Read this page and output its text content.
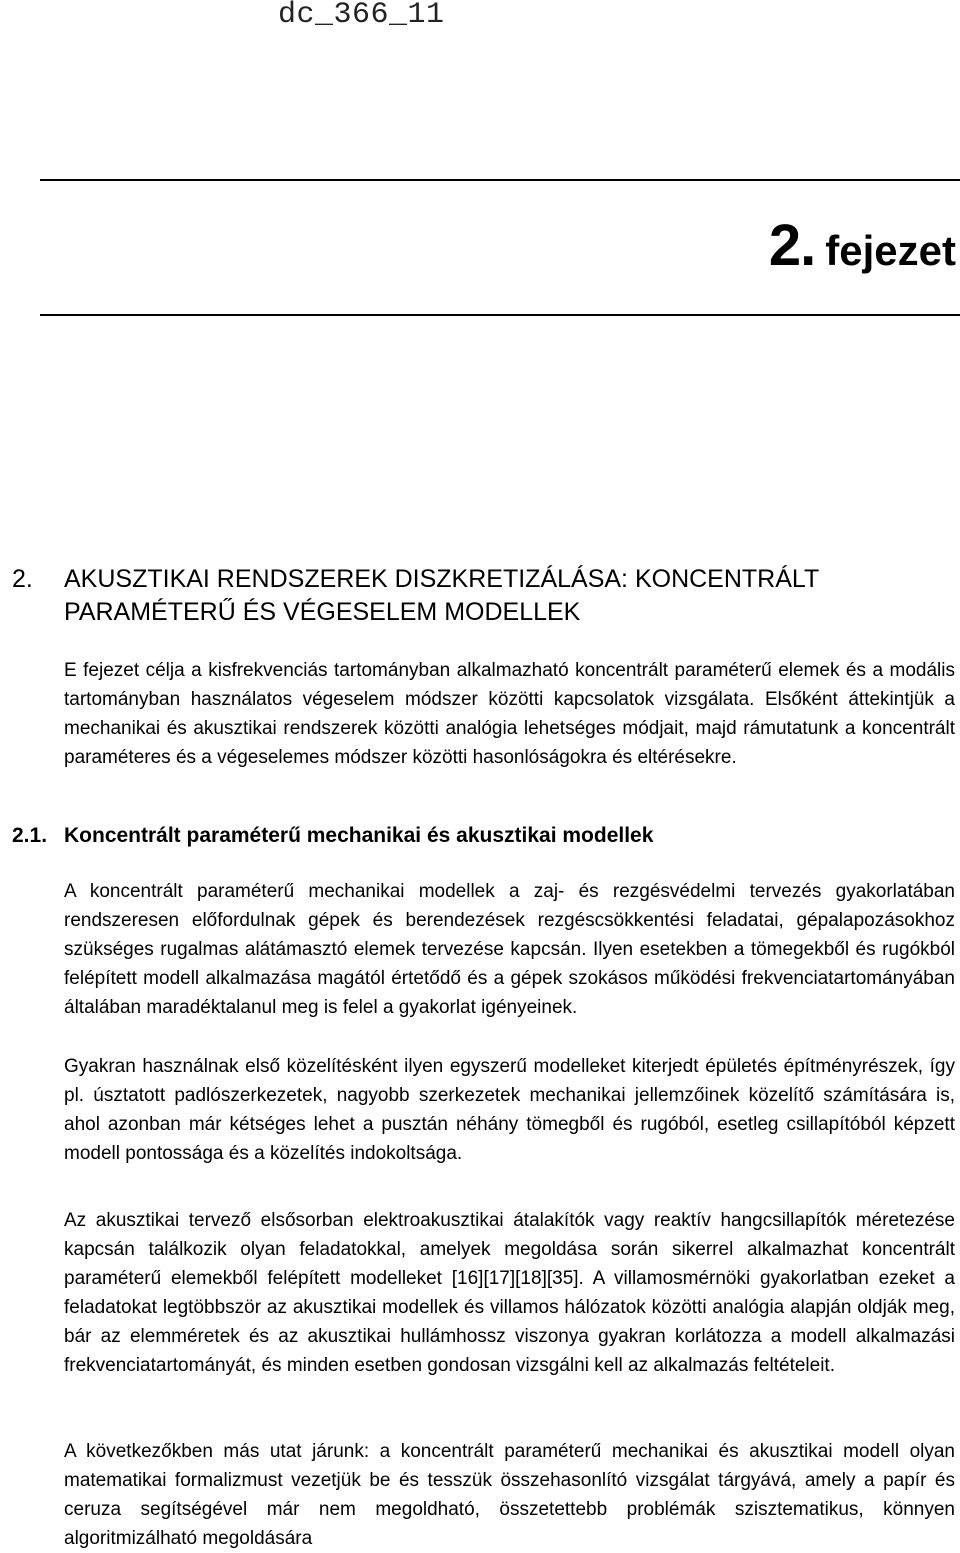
dc_366_11
2. fejezet
2. AKUSZTIKAI RENDSZEREK DISZKRETIZÁLÁSA: KONCENTRÁLT PARAMÉTERŰ ÉS VÉGESELEM MODELLEK

E fejezet célja a kisfrekvenciás tartományban alkalmazható koncentrált paraméterű elemek és a modális tartományban használatos végeselem módszer közötti kapcsolatok vizsgálata. Elsőként áttekintjük a mechanikai és akusztikai rendszerek közötti analógia lehetséges módjait, majd rámutatunk a koncentrált paraméteres és a végeselemes módszer közötti hasonlóságokra és eltérésekre.

2.1. Koncentrált paraméterű mechanikai és akusztikai modellek

A koncentrált paraméterű mechanikai modellek a zaj- és rezgésvédelmi tervezés gyakorlatában rendszeresen előfordulnak gépek és berendezések rezgéscsökkentési feladatai, gépalapozásokhoz szükséges rugalmas alátámasztó elemek tervezése kapcsán. Ilyen esetekben a tömegekből és rugókból felépített modell alkalmazása magától értetődő és a gépek szokásos működési frekvenciatartományában általában maradéktalanul meg is felel a gyakorlat igényeinek.

Gyakran használnak első közelítésként ilyen egyszerű modelleket kiterjedt épületés építményrészek, így pl. úsztatott padlószerkezetek, nagyobb szerkezetek mechanikai jellemzőinek közelítő számítására is, ahol azonban már kétséges lehet a pusztán néhány tömegből és rugóból, esetleg csillapítóból képzett modell pontossága és a közelítés indokoltsága.

Az akusztikai tervező elsősorban elektroakusztikai átalakítók vagy reaktív hangcsillapítók méretezése kapcsán találkozik olyan feladatokkal, amelyek megoldása során sikerrel alkalmazhat koncentrált paraméterű elemekből felépített modelleket [16][17][18][35]. A villamosmérnöki gyakorlatban ezeket a feladatokat legtöbbször az akusztikai modellek és villamos hálózatok közötti analógia alapján oldják meg, bár az elemméretek és az akusztikai hullámhossz viszonya gyakran korlátozza a modell alkalmazási frekvenciatartományát, és minden esetben gondosan vizsgálni kell az alkalmazás feltételeit.

A következőkben más utat járunk: a koncentrált paraméterű mechanikai és akusztikai modell olyan matematikai formalizmust vezetjük be és tesszük összehasonlító vizsgálat tárgyává, amely a papír és ceruza segítségével már nem megoldható, összetettebb problémák szisztematikus, könnyen algoritmizálható megoldására
